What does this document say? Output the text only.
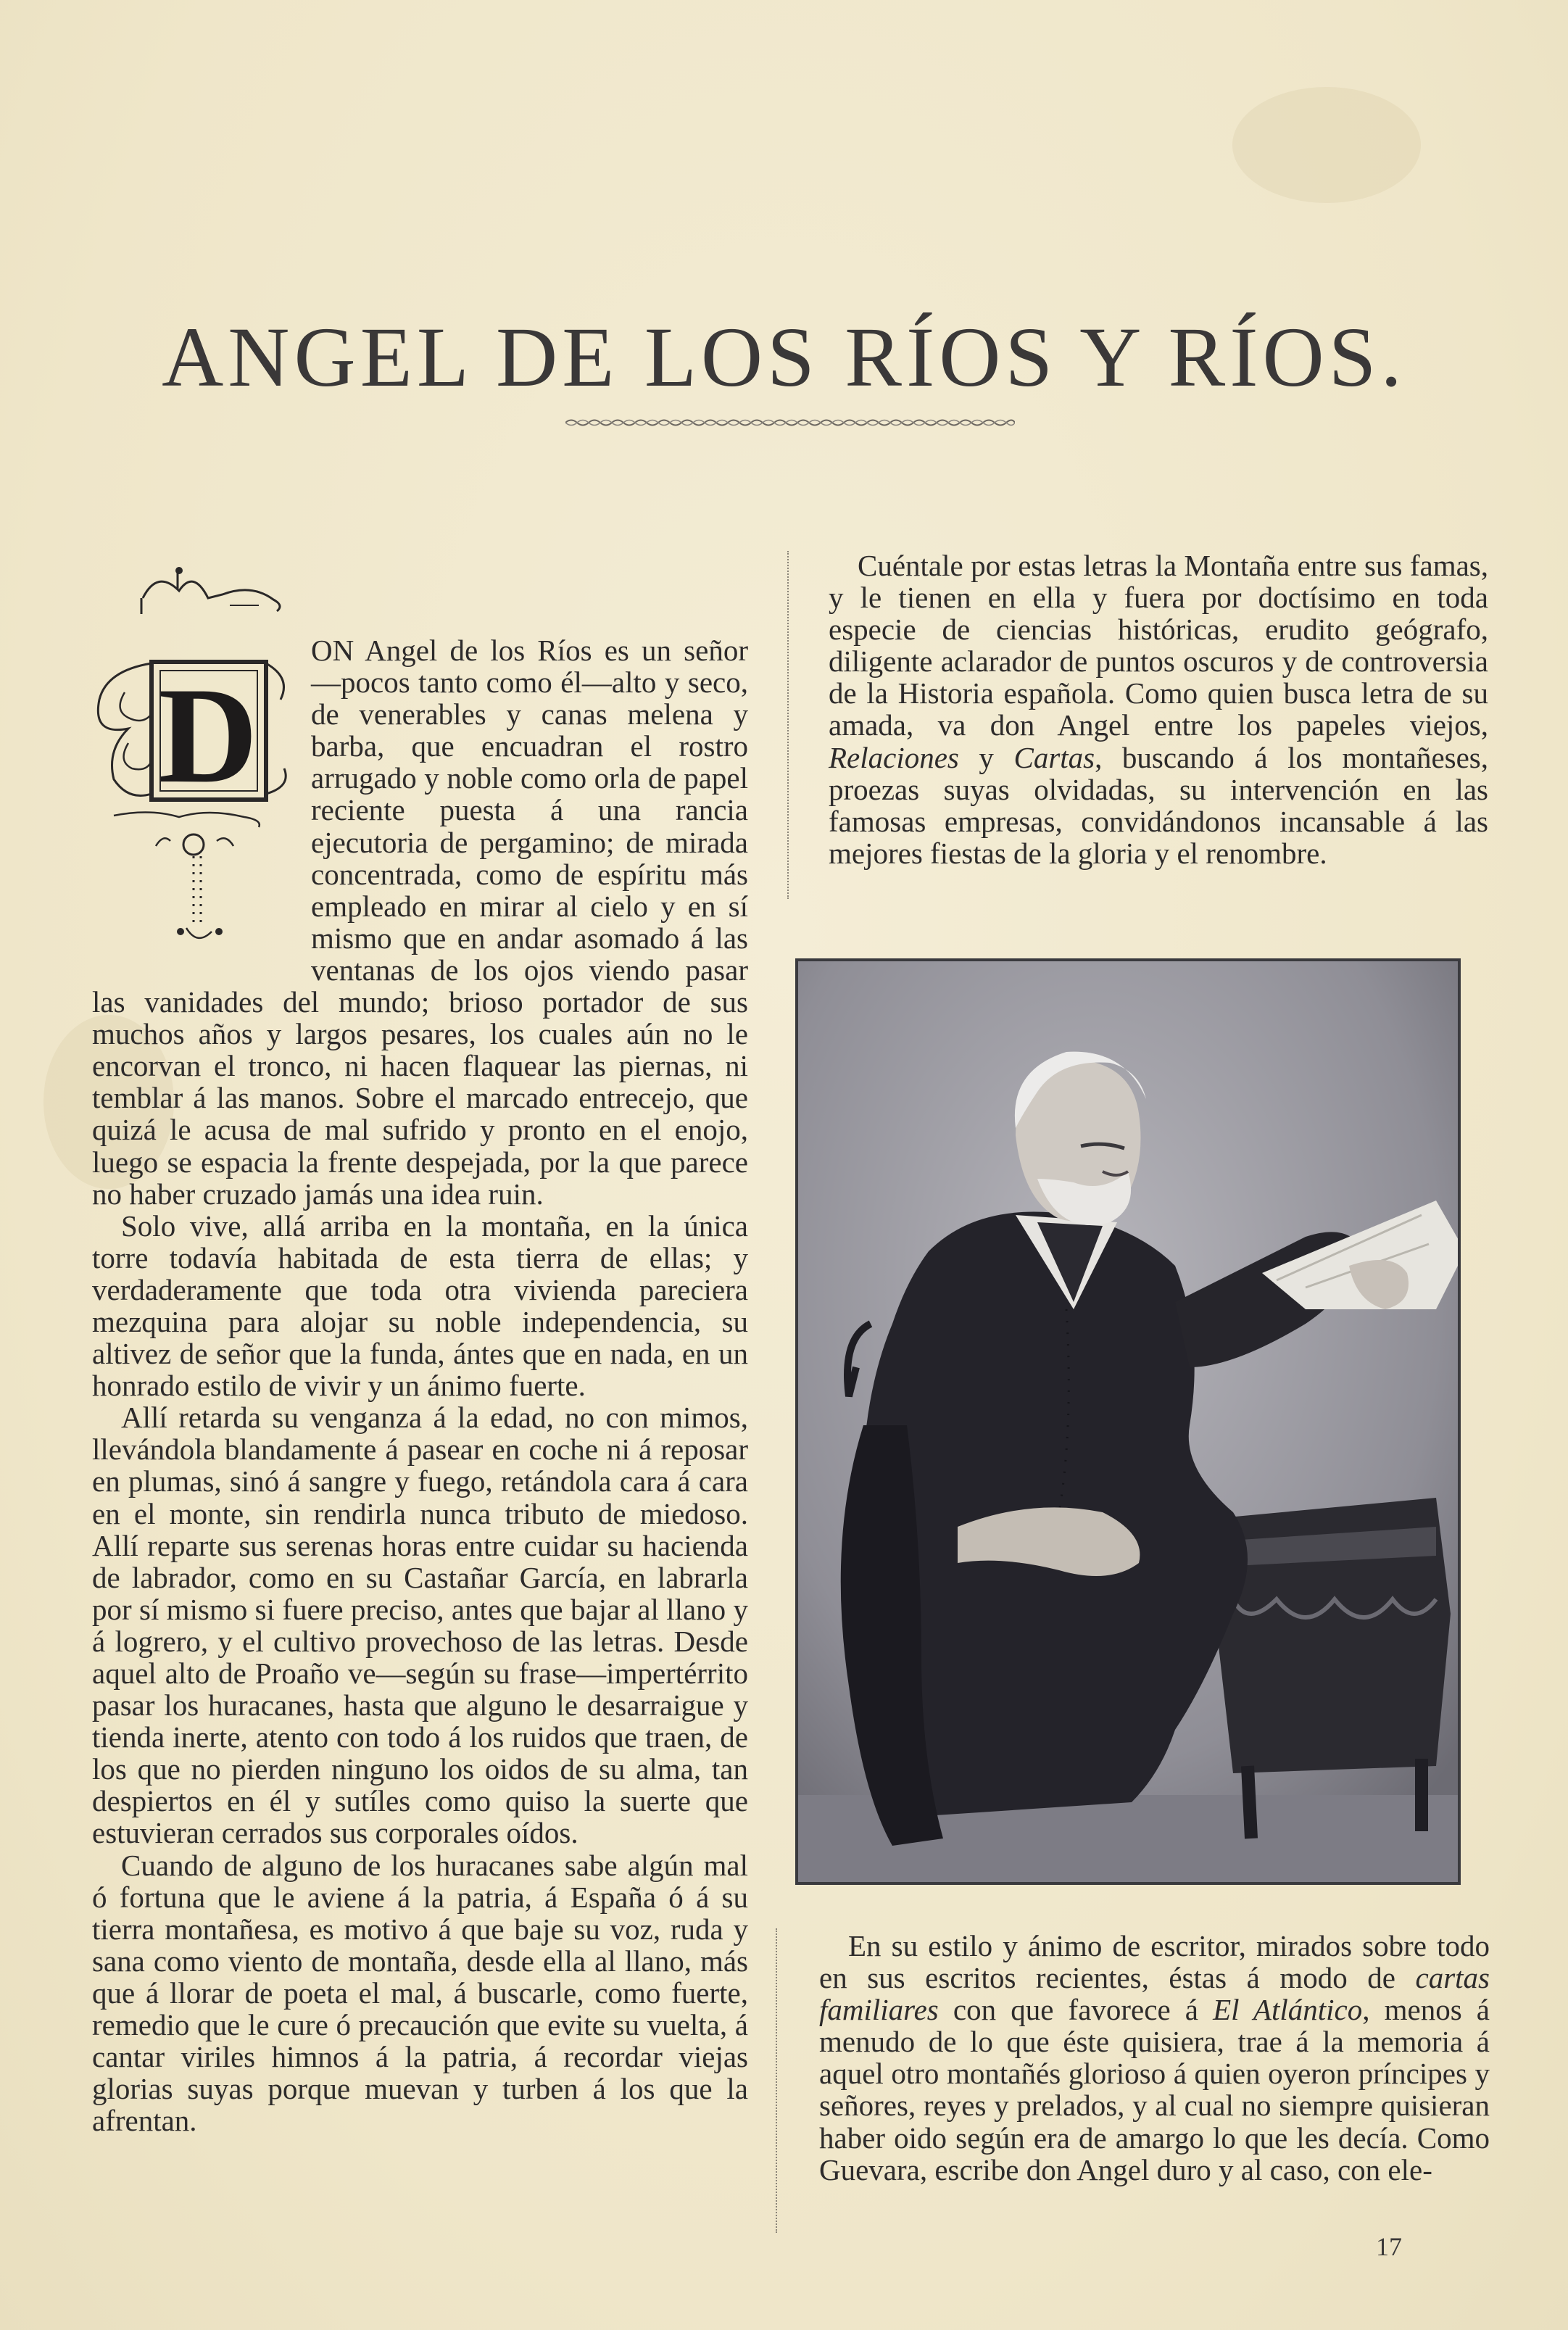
ANGEL DE LOS RÍOS Y RÍOS.
D

ON Angel de los Ríos es un señor —pocos tanto como él—alto y seco, de venerables y canas melena y barba, que encuadran el rostro arrugado y noble como orla de papel reciente puesta á una rancia ejecutoria de pergamino; de mirada concentrada, como de espíritu más empleado en mirar al cielo y en sí mismo que en andar asomado á las ventanas de los ojos viendo pasar las vanidades del mundo; brioso portador de sus muchos años y largos pesares, los cuales aún no le encorvan el tronco, ni hacen flaquear las piernas, ni temblar á las manos. Sobre el marcado entrecejo, que quizá le acusa de mal sufrido y pronto en el enojo, luego se espacia la frente despejada, por la que parece no haber cruzado jamás una idea ruin.

Solo vive, allá arriba en la montaña, en la única torre todavía habitada de esta tierra de ellas; y verdaderamente que toda otra vivienda pareciera mezquina para alojar su noble independencia, su altivez de señor que la funda, ántes que en nada, en un honrado estilo de vivir y un ánimo fuerte.

Allí retarda su venganza á la edad, no con mimos, llevándola blandamente á pasear en coche ni á reposar en plumas, sinó á sangre y fuego, retándola cara á cara en el monte, sin rendirla nunca tributo de miedoso. Allí reparte sus serenas horas entre cuidar su hacienda de labrador, como en su Castañar García, en labrarla por sí mismo si fuere preciso, antes que bajar al llano y á logrero, y el cultivo provechoso de las letras. Desde aquel alto de Proaño ve—según su frase—impertérrito pasar los huracanes, hasta que alguno le desarraigue y tienda inerte, atento con todo á los ruidos que traen, de los que no pierden ninguno los oidos de su alma, tan despiertos en él y sutíles como quiso la suerte que estuvieran cerrados sus corporales oídos.

Cuando de alguno de los huracanes sabe algún mal ó fortuna que le aviene á la patria, á España ó á su tierra montañesa, es motivo á que baje su voz, ruda y sana como viento de montaña, desde ella al llano, más que á llorar de poeta el mal, á buscarle, como fuerte, remedio que le cure ó precaución que evite su vuelta, á cantar viriles himnos á la patria, á recordar viejas glorias suyas porque muevan y turben á los que la afrentan.

Cuéntale por estas letras la Montaña entre sus famas, y le tienen en ella y fuera por doctísimo en toda especie de ciencias históricas, erudito geógrafo, diligente aclarador de puntos oscuros y de controversia de la Historia española. Como quien busca letra de su amada, va don Angel entre los papeles viejos, Relaciones y Cartas, buscando á los montañeses, proezas suyas olvidadas, su intervención en las famosas empresas, convidándonos incansable á las mejores fiestas de la gloria y el renombre.

En su estilo y ánimo de escritor, mirados sobre todo en sus escritos recientes, éstas á modo de cartas familiares con que favorece á El Atlántico, menos á menudo de lo que éste quisiera, trae á la memoria á aquel otro montañés glorioso á quien oyeron príncipes y señores, reyes y prelados, y al cual no siempre quisieran haber oido según era de amargo lo que les decía. Como Guevara, escribe don Angel duro y al caso, con ele-

17
